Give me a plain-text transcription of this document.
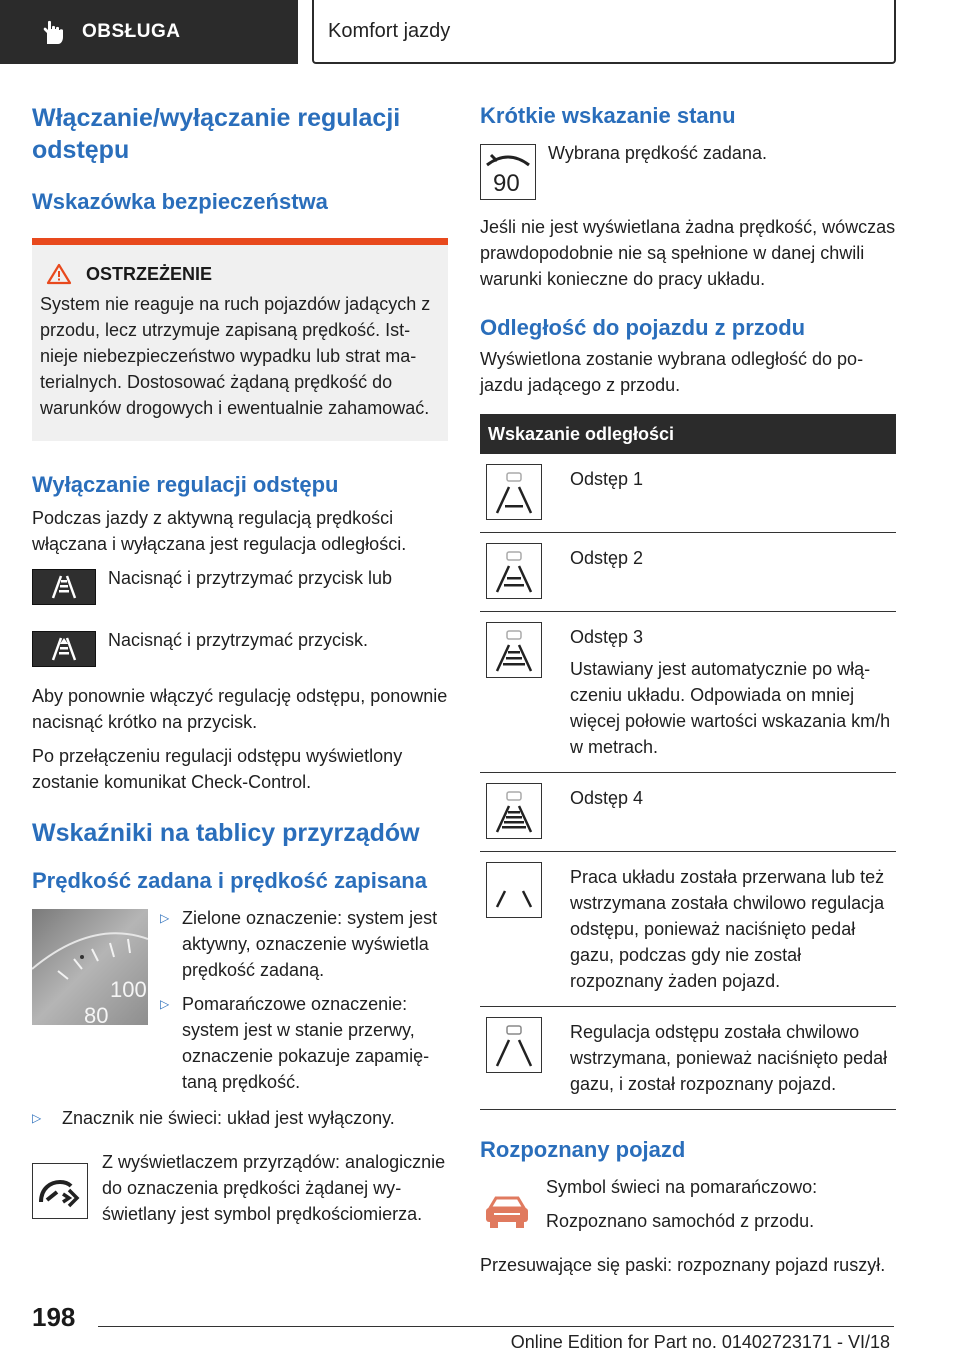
OBSŁUGA	Komfort jazdy
Włączanie/wyłączanie regulacji odstępu
Wskazówka bezpieczeństwa
OSTRZEŻENIE

System nie reaguje na ruch pojazdów jadących z przodu, lecz utrzymuje zapisaną prędkość. Istnieje niebezpieczeństwo wypadku lub strat materialnych. Dostosować żądaną prędkość do warunków drogowych i ewentualnie zahamować.

Wyłączanie regulacji odstępu

Podczas jazdy z aktywną regulacją prędkości włączana i wyłączana jest regulacja odległości.

Nacisnąć i przytrzymać przycisk lub

Nacisnąć i przytrzymać przycisk.

Aby ponownie włączyć regulację odstępu, ponownie nacisnąć krótko na przycisk.

Po przełączeniu regulacji odstępu wyświetlony zostanie komunikat Check-Control.

Wskaźniki na tablicy przyrządów
Prędkość zadana i prędkość zapisana
100
80
▷ Zielone oznaczenie: system jest aktywny, oznaczenie wyświetla prędkość zadaną.

▷ Pomarańczowe oznaczenie: system jest w stanie przerwy, oznaczenie pokazuje zapamiętaną prędkość.

▷	Znacznik nie świeci: układ jest wyłączony.

Z wyświetlaczem przyrządów: analogicznie do oznaczenia prędkości żądanej wyświetlany jest symbol prędkościomierza.

Krótkie wskazanie stanu
90

Wybrana prędkość zadana.

Jeśli nie jest wyświetlana żadna prędkość, wówczas prawdopodobnie nie są spełnione w danej chwili warunki konieczne do pracy układu.

Odległość do pojazdu z przodu

Wyświetlona zostanie wybrana odległość do pojazdu jadącego z przodu.

Wskazanie odległości

Odstęp 1

Odstęp 2

Odstęp 3

Ustawiany jest automatycznie po włączeniu układu. Odpowiada on mniej więcej połowie wartości wskazania km/h w metrach.

Odstęp 4

Praca układu została przerwana lub też wstrzymana została chwilowo regulacja odstępu, ponieważ naciśnięto pedał gazu, podczas gdy nie został rozpoznany żaden pojazd.

Regulacja odstępu została chwilowo wstrzymana, ponieważ naciśnięto pedał gazu, i został rozpoznany pojazd.

Rozpoznany pojazd

Symbol świeci na pomarańczowo:

Rozpoznano samochód z przodu.

Przesuwające się paski: rozpoznany pojazd ruszył.

198
Online Edition for Part no. 01402723171 - VI/18
